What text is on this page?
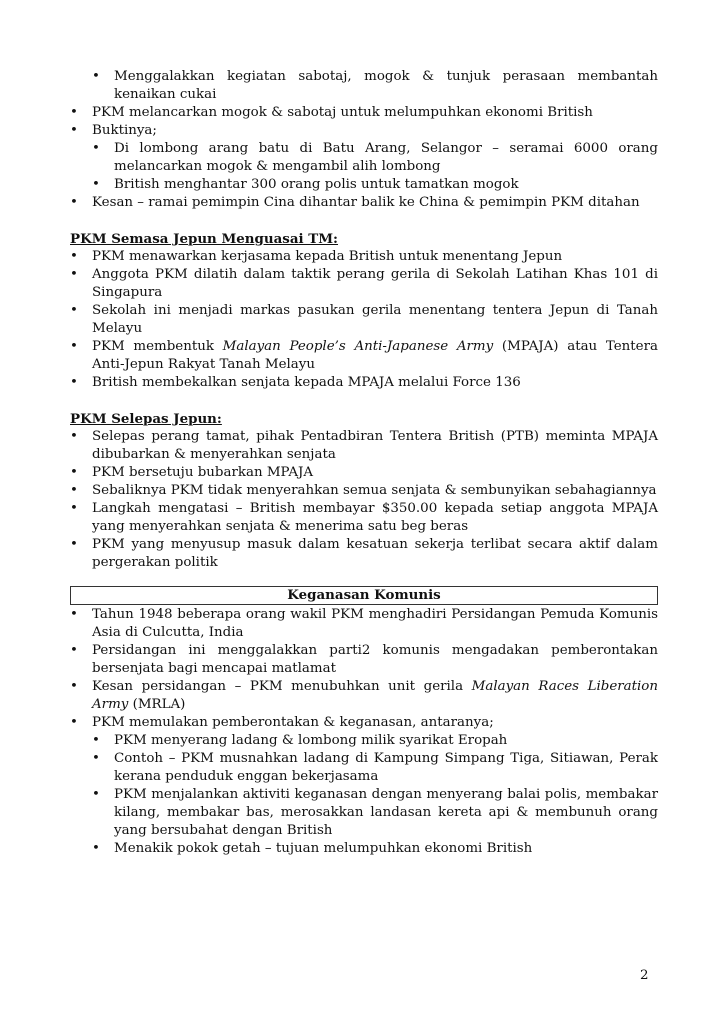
•	Menggalakkan kegiatan sabotaj, mogok & tunjuk perasaan membantah kenaikan cukai
•	PKM melancarkan mogok & sabotaj untuk melumpuhkan ekonomi British
•	Buktinya;
•	Di lombong arang batu di Batu Arang, Selangor – seramai 6000 orang melancarkan mogok & mengambil alih lombong
•	British menghantar 300 orang polis untuk tamatkan mogok
•	Kesan – ramai pemimpin Cina dihantar balik ke China & pemimpin PKM ditahan
PKM Semasa Jepun Menguasai TM:
•	PKM menawarkan kerjasama kepada British untuk menentang Jepun
•	Anggota PKM dilatih dalam taktik perang gerila di Sekolah Latihan Khas 101 di Singapura
•	Sekolah ini menjadi markas pasukan gerila menentang tentera Jepun di Tanah Melayu
•	PKM membentuk Malayan People’s Anti-Japanese Army (MPAJA) atau Tentera Anti-Jepun Rakyat Tanah Melayu
•	British membekalkan senjata kepada MPAJA melalui Force 136
PKM Selepas Jepun:
•	Selepas perang tamat, pihak Pentadbiran Tentera British (PTB) meminta MPAJA dibubarkan & menyerahkan senjata
•	PKM bersetuju bubarkan MPAJA
•	Sebaliknya PKM tidak menyerahkan semua senjata & sembunyikan sebahagiannya
•	Langkah mengatasi – British membayar $350.00 kepada setiap anggota MPAJA yang menyerahkan senjata & menerima satu beg beras
•	PKM yang menyusup masuk dalam kesatuan sekerja terlibat secara aktif dalam pergerakan politik
Keganasan Komunis
•	Tahun 1948 beberapa orang wakil PKM menghadiri Persidangan Pemuda Komunis Asia di Culcutta, India
•	Persidangan ini menggalakkan parti2 komunis mengadakan pemberontakan bersenjata bagi mencapai matlamat
•	Kesan persidangan – PKM menubuhkan unit gerila Malayan Races Liberation Army (MRLA)
•	PKM memulakan pemberontakan & keganasan, antaranya;
•	PKM menyerang ladang & lombong milik syarikat Eropah
•	Contoh – PKM musnahkan ladang di Kampung Simpang Tiga, Sitiawan, Perak kerana penduduk enggan bekerjasama
•	PKM menjalankan aktiviti keganasan dengan menyerang balai polis, membakar kilang, membakar bas, merosakkan landasan kereta api & membunuh orang yang bersubahat dengan British
•	Menakik pokok getah – tujuan melumpuhkan ekonomi British
2
